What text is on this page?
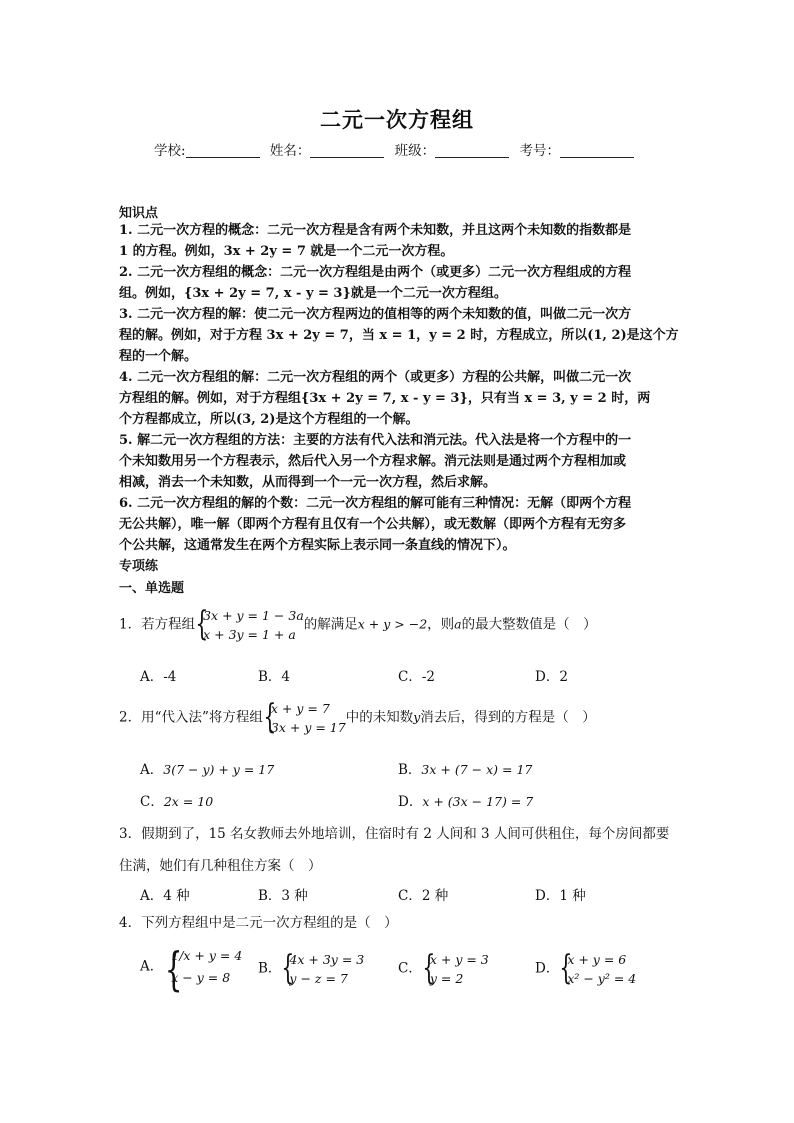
二元一次方程组
学校:	姓名：	班级：	考号：
知识点
1. 二元一次方程的概念：二元一次方程是含有两个未知数，并且这两个未知数的指数都是
1 的方程。例如，3x + 2y = 7 就是一个二元一次方程。
2. 二元一次方程组的概念：二元一次方程组是由两个（或更多）二元一次方程组成的方程
组。例如，{3x + 2y = 7, x - y = 3}就是一个二元一次方程组。
3. 二元一次方程的解：使二元一次方程两边的值相等的两个未知数的值，叫做二元一次方
程的解。例如，对于方程 3x + 2y = 7，当 x = 1，y = 2 时，方程成立，所以(1, 2)是这个方
程的一个解。
4. 二元一次方程组的解：二元一次方程组的两个（或更多）方程的公共解，叫做二元一次
方程组的解。例如，对于方程组{3x + 2y = 7, x - y = 3}，只有当 x = 3, y = 2 时，两
个方程都成立，所以(3, 2)是这个方程组的一个解。
5. 解二元一次方程组的方法：主要的方法有代入法和消元法。代入法是将一个方程中的一
个未知数用另一个方程表示，然后代入另一个方程求解。消元法则是通过两个方程相加或
相减，消去一个未知数，从而得到一个一元一次方程，然后求解。
6. 二元一次方程组的解的个数：二元一次方程组的解可能有三种情况：无解（即两个方程
无公共解），唯一解（即两个方程有且仅有一个公共解），或无数解（即两个方程有无穷多
个公共解，这通常发生在两个方程实际上表示同一条直线的情况下）。
专项练
一、单选题
1．若方程组
{ 3x + y = 1 − 3a
x + 3y = 1 + a
的解满足x + y > −2，则a的最大整数值是（　）
A．-4	B．4	C．-2	D．2
2．用“代入法”将方程组
{ x + y = 7
3x + y = 17
中的未知数y消去后，得到的方程是（　）
A．3(7 − y) + y = 17	B．3x + (7 − x) = 17
C．2x = 10	D．x + (3x − 17) = 7
3．假期到了，15 名女教师去外地培训，住宿时有 2 人间和 3 人间可供租住，每个房间都要
住满，她们有几种租住方案（　）
A．4 种	B．3 种	C．2 种	D．1 种
4．下列方程组中是二元一次方程组的是（　）
A．
{ 1/x + y = 4
x − y = 8
B．
{ 4x + 3y = 3
y − z = 7
C．
{ x + y = 3
y = 2
D．
{ x + y = 6
x² − y² = 4
